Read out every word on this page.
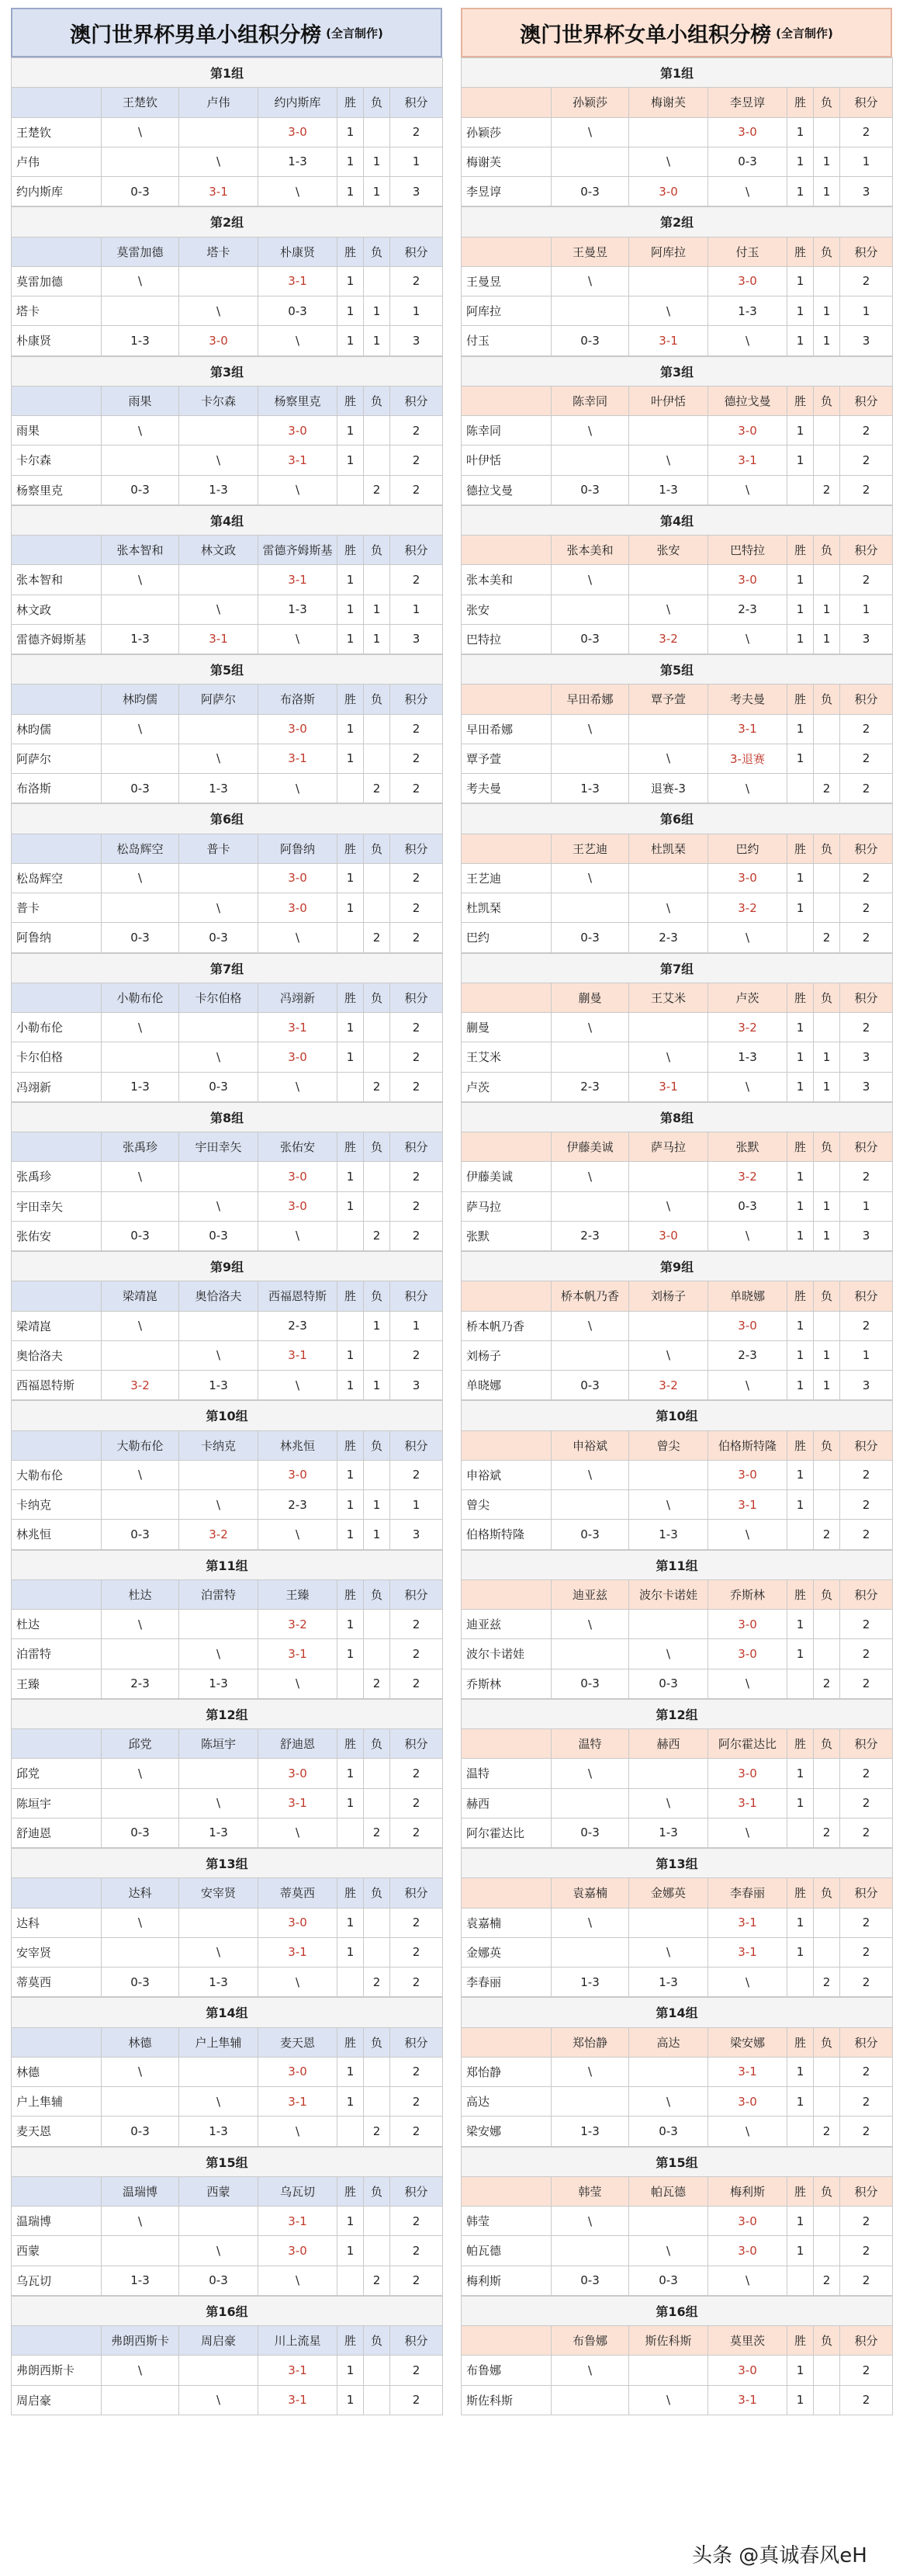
澳门世界杯男单小组积分榜 (全言制作)
第1组						
	王楚钦	卢伟	约内斯库	胜	负	积分
王楚钦	\		3-0	1		2
卢伟		\	1-3	1	1	1
约内斯库	0-3	3-1	\	1	1	3
第2组						
	莫雷加德	塔卡	朴康贤	胜	负	积分
莫雷加德	\		3-1	1		2
塔卡		\	0-3	1	1	1
朴康贤	1-3	3-0	\	1	1	3
第3组						
	雨果	卡尔森	杨察里克	胜	负	积分
雨果	\		3-0	1		2
卡尔森		\	3-1	1		2
杨察里克	0-3	1-3	\		2	2
第4组						
	张本智和	林文政	雷德齐姆斯基	胜	负	积分
张本智和	\		3-1	1		2
林文政		\	1-3	1	1	1
雷德齐姆斯基	1-3	3-1	\	1	1	3
第5组						
	林昀儒	阿萨尔	布洛斯	胜	负	积分
林昀儒	\		3-0	1		2
阿萨尔		\	3-1	1		2
布洛斯	0-3	1-3	\		2	2
第6组						
	松岛辉空	普卡	阿鲁纳	胜	负	积分
松岛辉空	\		3-0	1		2
普卡		\	3-0	1		2
阿鲁纳	0-3	0-3	\		2	2
第7组						
	小勒布伦	卡尔伯格	冯翊新	胜	负	积分
小勒布伦	\		3-1	1		2
卡尔伯格		\	3-0	1		2
冯翊新	1-3	0-3	\		2	2
第8组						
	张禹珍	宇田幸矢	张佑安	胜	负	积分
张禹珍	\		3-0	1		2
宇田幸矢		\	3-0	1		2
张佑安	0-3	0-3	\		2	2
第9组						
	梁靖崑	奥恰洛夫	西福恩特斯	胜	负	积分
梁靖崑	\		2-3		1	1
奥恰洛夫		\	3-1	1		2
西福恩特斯	3-2	1-3	\	1	1	3
第10组						
	大勒布伦	卡纳克	林兆恒	胜	负	积分
大勒布伦	\		3-0	1		2
卡纳克		\	2-3	1	1	1
林兆恒	0-3	3-2	\	1	1	3
第11组						
	杜达	泊雷特	王臻	胜	负	积分
杜达	\		3-2	1		2
泊雷特		\	3-1	1		2
王臻	2-3	1-3	\		2	2
第12组						
	邱党	陈垣宇	舒迪恩	胜	负	积分
邱党	\		3-0	1		2
陈垣宇		\	3-1	1		2
舒迪恩	0-3	1-3	\		2	2
第13组						
	达科	安宰贤	蒂莫西	胜	负	积分
达科	\		3-0	1		2
安宰贤		\	3-1	1		2
蒂莫西	0-3	1-3	\		2	2
第14组						
	林德	户上隼辅	麦天恩	胜	负	积分
林德	\		3-0	1		2
户上隼辅		\	3-1	1		2
麦天恩	0-3	1-3	\		2	2
第15组						
	温瑞博	西蒙	乌瓦切	胜	负	积分
温瑞博	\		3-1	1		2
西蒙		\	3-0	1		2
乌瓦切	1-3	0-3	\		2	2
第16组						
	弗朗西斯卡	周启豪	川上流星	胜	负	积分
弗朗西斯卡	\		3-1	1		2
周启豪		\	3-1	1		2
澳门世界杯女单小组积分榜 (全言制作)
第1组						
	孙颖莎	梅谢芙	李昱谆	胜	负	积分
孙颖莎	\		3-0	1		2
梅谢芙		\	0-3	1	1	1
李昱谆	0-3	3-0	\	1	1	3
第2组						
	王曼昱	阿库拉	付玉	胜	负	积分
王曼昱	\		3-0	1		2
阿库拉		\	1-3	1	1	1
付玉	0-3	3-1	\	1	1	3
第3组						
	陈幸同	叶伊恬	德拉戈曼	胜	负	积分
陈幸同	\		3-0	1		2
叶伊恬		\	3-1	1		2
德拉戈曼	0-3	1-3	\		2	2
第4组						
	张本美和	张安	巴特拉	胜	负	积分
张本美和	\		3-0	1		2
张安		\	2-3	1	1	1
巴特拉	0-3	3-2	\	1	1	3
第5组						
	早田希娜	覃予萱	考夫曼	胜	负	积分
早田希娜	\		3-1	1		2
覃予萱		\	3-退赛	1		2
考夫曼	1-3	退赛-3	\		2	2
第6组						
	王艺迪	杜凯琹	巴约	胜	负	积分
王艺迪	\		3-0	1		2
杜凯琹		\	3-2	1		2
巴约	0-3	2-3	\		2	2
第7组						
	蒯曼	王艾米	卢茨	胜	负	积分
蒯曼	\		3-2	1		2
王艾米		\	1-3	1	1	3
卢茨	2-3	3-1	\	1	1	3
第8组						
	伊藤美诚	萨马拉	张默	胜	负	积分
伊藤美诚	\		3-2	1		2
萨马拉		\	0-3	1	1	1
张默	2-3	3-0	\	1	1	3
第9组						
	桥本帆乃香	刘杨子	单晓娜	胜	负	积分
桥本帆乃香	\		3-0	1		2
刘杨子		\	2-3	1	1	1
单晓娜	0-3	3-2	\	1	1	3
第10组						
	申裕斌	曾尖	伯格斯特隆	胜	负	积分
申裕斌	\		3-0	1		2
曾尖		\	3-1	1		2
伯格斯特隆	0-3	1-3	\		2	2
第11组						
	迪亚兹	波尔卡诺娃	乔斯林	胜	负	积分
迪亚兹	\		3-0	1		2
波尔卡诺娃		\	3-0	1		2
乔斯林	0-3	0-3	\		2	2
第12组						
	温特	赫西	阿尔霍达比	胜	负	积分
温特	\		3-0	1		2
赫西		\	3-1	1		2
阿尔霍达比	0-3	1-3	\		2	2
第13组						
	袁嘉楠	金娜英	李春丽	胜	负	积分
袁嘉楠	\		3-1	1		2
金娜英		\	3-1	1		2
李春丽	1-3	1-3	\		2	2
第14组						
	郑怡静	高达	梁安娜	胜	负	积分
郑怡静	\		3-1	1		2
高达		\	3-0	1		2
梁安娜	1-3	0-3	\		2	2
第15组						
	韩莹	帕瓦德	梅利斯	胜	负	积分
韩莹	\		3-0	1		2
帕瓦德		\	3-0	1		2
梅利斯	0-3	0-3	\		2	2
第16组						
	布鲁娜	斯佐科斯	莫里茨	胜	负	积分
布鲁娜	\		3-0	1		2
斯佐科斯		\	3-1	1		2
头条 @真诚春风eH
